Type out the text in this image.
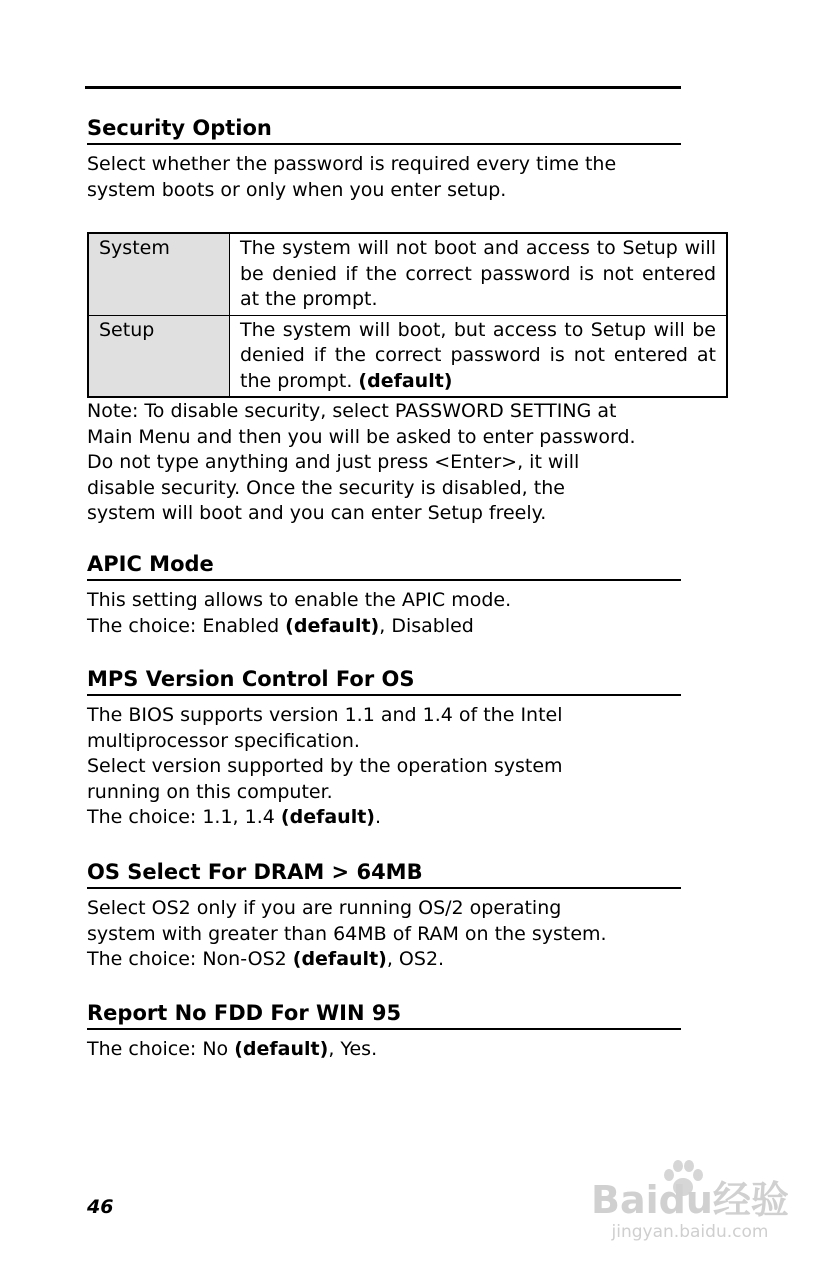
Security Option

Select whether the password is required every time the

system boots or only when you enter setup.

System	The system will not boot and access to Setup will be denied if the correct password is not entered at the prompt.
Setup	The system will boot, but access to Setup will be denied if the correct password is not entered at the prompt. (default)

Note: To disable security, select PASSWORD SETTING at

Main Menu and then you will be asked to enter password.

Do not type anything and just press <Enter>, it will

disable security. Once the security is disabled, the

system will boot and you can enter Setup freely.

APIC Mode

This setting allows to enable the APIC mode.

The choice: Enabled (default), Disabled

MPS Version Control For OS

The BIOS supports version 1.1 and 1.4 of the Intel

multiprocessor specification.

Select version supported by the operation system

running on this computer.

The choice: 1.1, 1.4 (default).

OS Select For DRAM > 64MB

Select OS2 only if you are running OS/2 operating

system with greater than 64MB of RAM on the system.

The choice: Non-OS2 (default), OS2.

Report No FDD For WIN 95

The choice: No (default), Yes.

46	Baidu经验
jingyan.baidu.com
